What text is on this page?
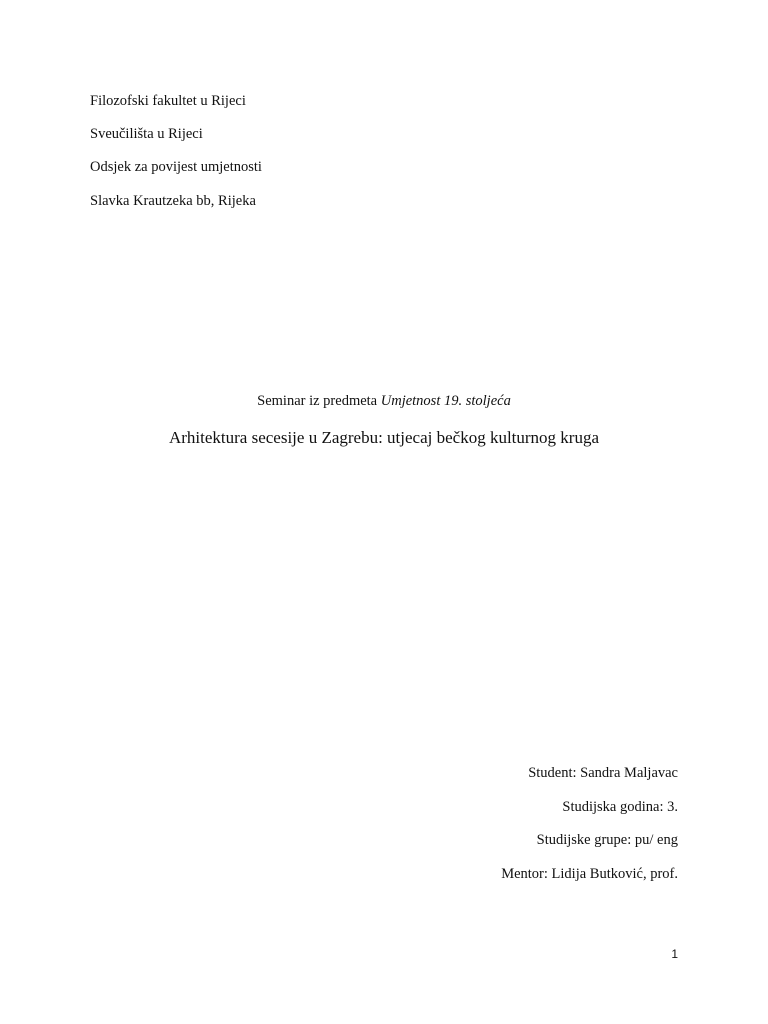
Filozofski fakultet u Rijeci
Sveučilišta u Rijeci
Odsjek za povijest umjetnosti
Slavka Krautzeka bb, Rijeka
Seminar iz predmeta Umjetnost 19. stoljeća
Arhitektura secesije u Zagrebu: utjecaj bečkog kulturnog kruga
Student: Sandra Maljavac
Studijska godina: 3.
Studijske grupe: pu/ eng
Mentor: Lidija Butković, prof.
1
